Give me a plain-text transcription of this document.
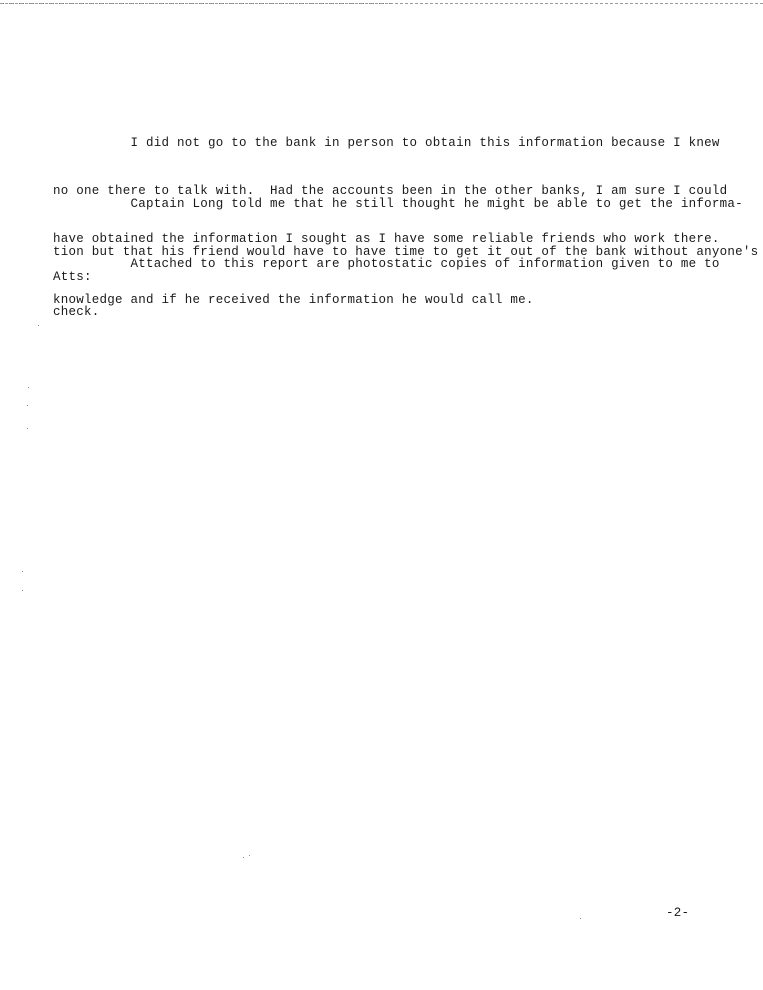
I did not go to the bank in person to obtain this information because I knew

no one there to talk with.  Had the accounts been in the other banks, I am sure I could

have obtained the information I sought as I have some reliable friends who work there.

Captain Long told me that he still thought he might be able to get the informa-

tion but that his friend would have to have time to get it out of the bank without anyone's

knowledge and if he received the information he would call me.

Attached to this report are photostatic copies of information given to me to

check.

Atts:
-2-
